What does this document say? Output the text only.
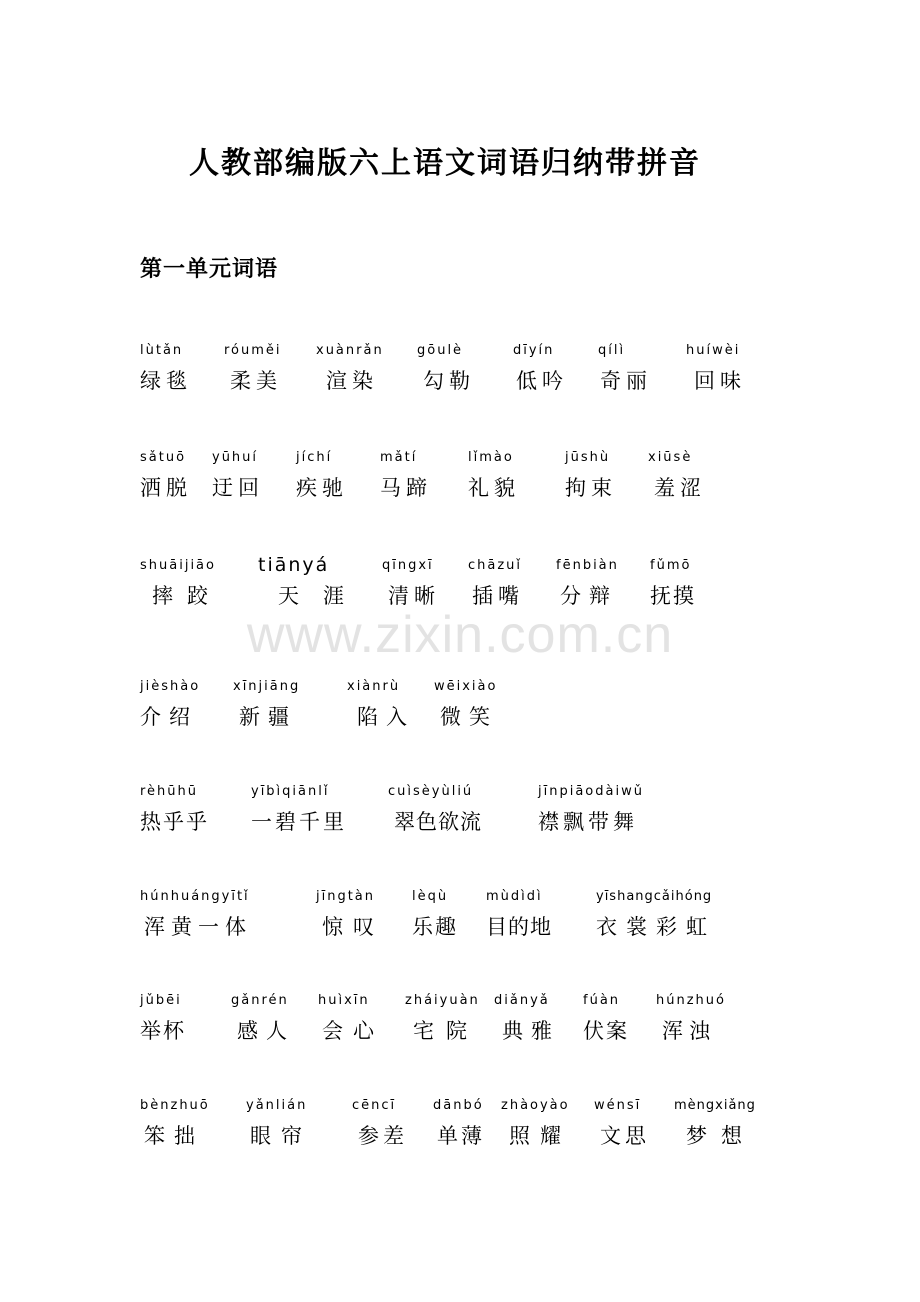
www.zixin.com.cn
人教部编版六上语文词语归纳带拼音
第一单元词语
lùtǎn
绿毯
róuměi
柔美
xuànrǎn
渲染
gōulè
勾勒
dīyín
低吟
qílì
奇丽
huíwèi
回味
sǎtuō
洒脱
yūhuí
迂回
jíchí
疾驰
mǎtí
马蹄
lǐmào
礼貌
jūshù
拘束
xiūsè
羞涩
shuāijiāo
摔跤
tiānyá
天涯
qīngxī
清晰
chāzuǐ
插嘴
fēnbiàn
分辩
fǔmō
抚摸
jièshào
介绍
xīnjiāng
新疆
xiànrù
陷入
wēixiào
微笑
rèhūhū
热乎乎
yībìqiānlǐ
一碧千里
cuìsèyùliú
翠色欲流
jīnpiāodàiwǔ
襟飘带舞
húnhuángyītǐ
浑黄一体
jīngtàn
惊叹
lèqù
乐趣
mùdìdì
目的地
yīshangcǎihóng
衣裳彩虹
jǔbēi
举杯
gǎnrén
感人
huìxīn
会心
zháiyuàn
宅院
diǎnyǎ
典雅
fúàn
伏案
húnzhuó
浑浊
bènzhuō
笨拙
yǎnlián
眼帘
cēncī
参差
dānbó
单薄
zhàoyào
照耀
wénsī
文思
mèngxiǎng
梦想
